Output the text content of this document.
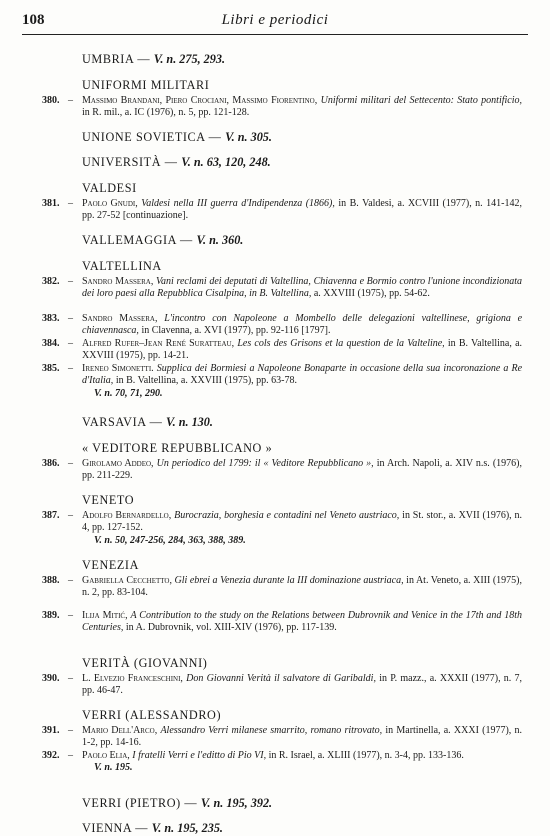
108	Libri e periodici
UMBRIA — V. n. 275, 293.
UNIFORMI MILITARI
380. – Massimo Brandani, Piero Crociani, Massimo Fiorentino, Uniformi militari del Settecento: Stato pontificio, in R. mil., a. IC (1976), n. 5, pp. 121-128.
UNIONE SOVIETICA — V. n. 305.
UNIVERSITÀ — V. n. 63, 120, 248.
VALDESI
381. – Paolo Gnudi, Valdesi nella III guerra d'Indipendenza (1866), in B. Valdesi, a. XCVIII (1977), n. 141-142, pp. 27-52 [continuazione].
VALLEMAGGIA — V. n. 360.
VALTELLINA
382. – Sandro Massera, Vani reclami dei deputati di Valtellina, Chiavenna e Bormio contro l'unione incondizionata dei loro paesi alla Repubblica Cisalpina, in B. Valtellina, a. XXVIII (1975), pp. 54-62.
383. – Sandro Massera, L'incontro con Napoleone a Mombello delle delegazioni valtellinese, grigiona e chiavennasca, in Clavenna, a. XVI (1977), pp. 92-116 [1797].
384. – Alfred Rufer–Jean René Suratteau, Les cols des Grisons et la question de la Valteline, in B. Valtellina, a. XXVIII (1975), pp. 14-21.
385. – Ireneo Simonetti. Supplica dei Bormiesi a Napoleone Bonaparte in occasione della sua incoronazione a Re d'Italia, in B. Valtellina, a. XXVIII (1975), pp. 63-78.
V. n. 70, 71, 290.
VARSAVIA — V. n. 130.
« VEDITORE REPUBBLICANO »
386. – Girolamo Addeo, Un periodico del 1799: il « Veditore Repubblicano », in Arch. Napoli, a. XIV n.s. (1976), pp. 211-229.
VENETO
387. – Adolfo Bernardello, Burocrazia, borghesia e contadini nel Veneto austriaco, in St. stor., a. XVII (1976), n. 4, pp. 127-152.
V. n. 50, 247-256, 284, 363, 388, 389.
VENEZIA
388. – Gabriella Cecchetto, Gli ebrei a Venezia durante la III dominazione austriaca, in At. Veneto, a. XIII (1975), n. 2, pp. 83-104.
389. – Ilija Mitić, A Contribution to the study on the Relations between Dubrovnik and Venice in the 17th and 18th Centuries, in A. Dubrovnik, vol. XIII-XIV (1976), pp. 117-139.
VERITÀ (GIOVANNI)
390. – L. Elvezio Franceschini, Don Giovanni Verità il salvatore di Garibaldi, in P. mazz., a. XXXII (1977), n. 7, pp. 46-47.
VERRI (ALESSANDRO)
391. – Mario Dell'Arco, Alessandro Verri milanese smarrito, romano ritrovato, in Martinella, a. XXXI (1977), n. 1-2, pp. 14-16.
392. – Paolo Elia, I fratelli Verri e l'editto di Pio VI, in R. Israel, a. XLIII (1977), n. 3-4, pp. 133-136.
V. n. 195.
VERRI (PIETRO) — V. n. 195, 392.
VIENNA — V. n. 195, 235.
